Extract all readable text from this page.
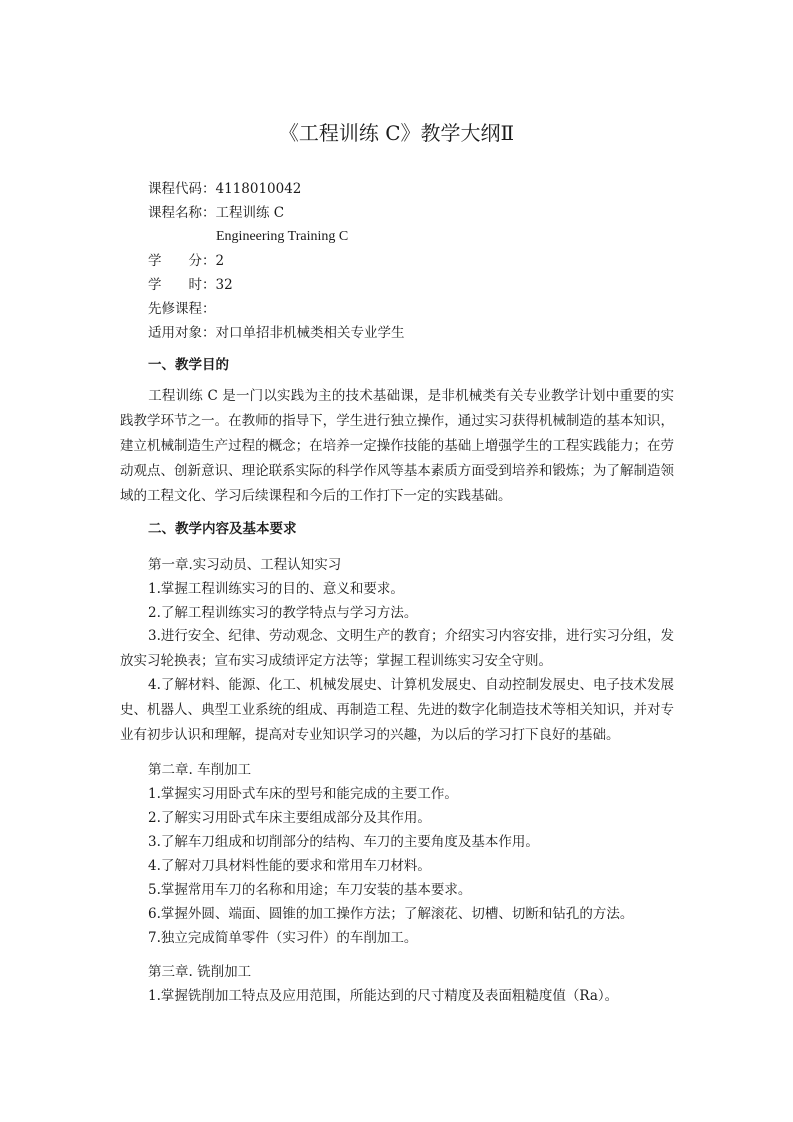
《工程训练 C》教学大纲Ⅱ
课程代码：4118010042
课程名称：工程训练 C
Engineering Training C
学　　分：2
学　　时：32
先修课程：
适用对象：对口单招非机械类相关专业学生
一、教学目的
工程训练 C 是一门以实践为主的技术基础课，是非机械类有关专业教学计划中重要的实践教学环节之一。在教师的指导下，学生进行独立操作，通过实习获得机械制造的基本知识，建立机械制造生产过程的概念；在培养一定操作技能的基础上增强学生的工程实践能力；在劳动观点、创新意识、理论联系实际的科学作风等基本素质方面受到培养和锻炼；为了解制造领域的工程文化、学习后续课程和今后的工作打下一定的实践基础。
二、教学内容及基本要求
第一章.实习动员、工程认知实习
1.掌握工程训练实习的目的、意义和要求。
2.了解工程训练实习的教学特点与学习方法。
3.进行安全、纪律、劳动观念、文明生产的教育；介绍实习内容安排，进行实习分组，发放实习轮换表；宣布实习成绩评定方法等；掌握工程训练实习安全守则。
4.了解材料、能源、化工、机械发展史、计算机发展史、自动控制发展史、电子技术发展史、机器人、典型工业系统的组成、再制造工程、先进的数字化制造技术等相关知识，并对专业有初步认识和理解，提高对专业知识学习的兴趣，为以后的学习打下良好的基础。
第二章. 车削加工
1.掌握实习用卧式车床的型号和能完成的主要工作。
2.了解实习用卧式车床主要组成部分及其作用。
3.了解车刀组成和切削部分的结构、车刀的主要角度及基本作用。
4.了解对刀具材料性能的要求和常用车刀材料。
5.掌握常用车刀的名称和用途；车刀安装的基本要求。
6.掌握外圆、端面、圆锥的加工操作方法；了解滚花、切槽、切断和钻孔的方法。
7.独立完成简单零件（实习件）的车削加工。
第三章. 铣削加工
1.掌握铣削加工特点及应用范围，所能达到的尺寸精度及表面粗糙度值（Ra）。
